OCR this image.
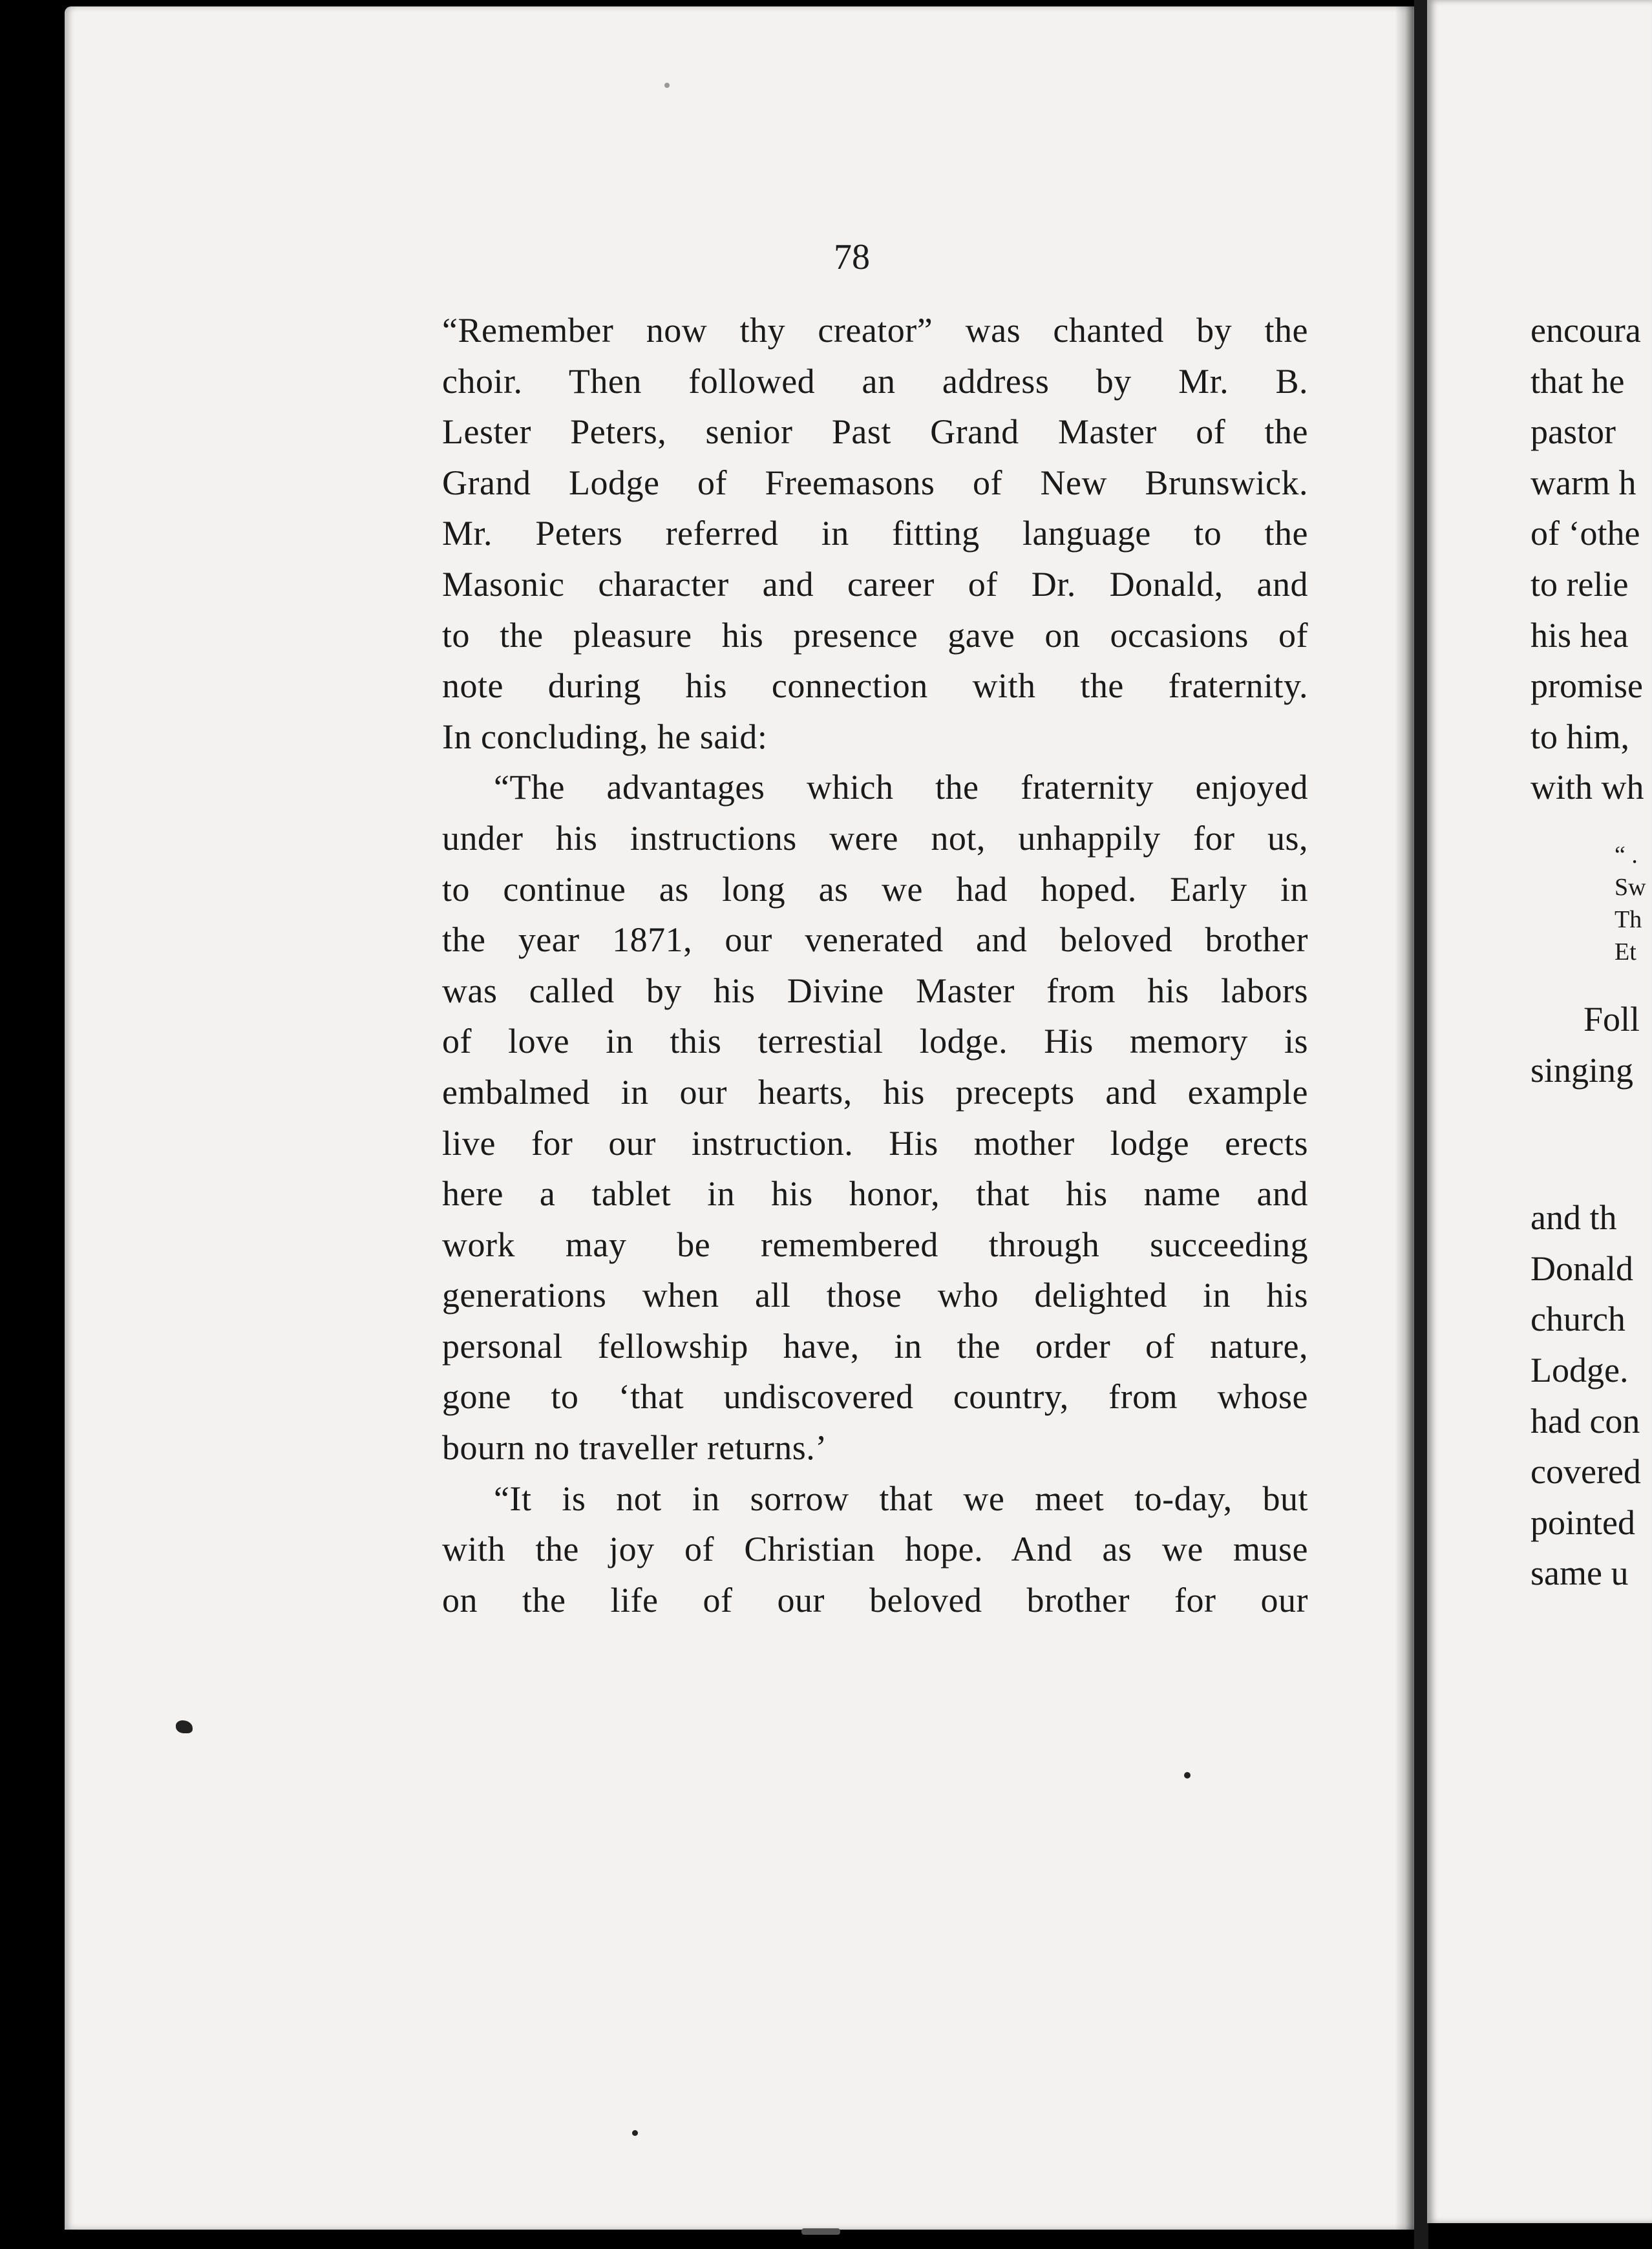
78
“Remember now thy creator” was chanted by the
choir. Then followed an address by Mr. B.
Lester Peters, senior Past Grand Master of the
Grand Lodge of Freemasons of New Brunswick.
Mr. Peters referred in fitting language to the
Masonic character and career of Dr. Donald, and
to the pleasure his presence gave on occasions of
note during his connection with the fraternity.
In concluding, he said:
“The advantages which the fraternity enjoyed
under his instructions were not, unhappily for us,
to continue as long as we had hoped. Early in
the year 1871, our venerated and beloved brother
was called by his Divine Master from his labors
of love in this terrestial lodge. His memory is
embalmed in our hearts, his precepts and example
live for our instruction. His mother lodge erects
here a tablet in his honor, that his name and
work may be remembered through succeeding
generations when all those who delighted in his
personal fellowship have, in the order of nature,
gone to ‘that undiscovered country, from whose
bourn no traveller returns.’
“It is not in sorrow that we meet to-day, but
with the joy of Christian hope. And as we muse
on the life of our beloved brother for our
encoura
that he
pastor
warm h
of ‘othe
to relie
his hea
promise
to him,
with wh
“ .
Sw
Th
Et
Foll
singing
and th
Donald
church
Lodge.
had con
covered
pointed
same u
